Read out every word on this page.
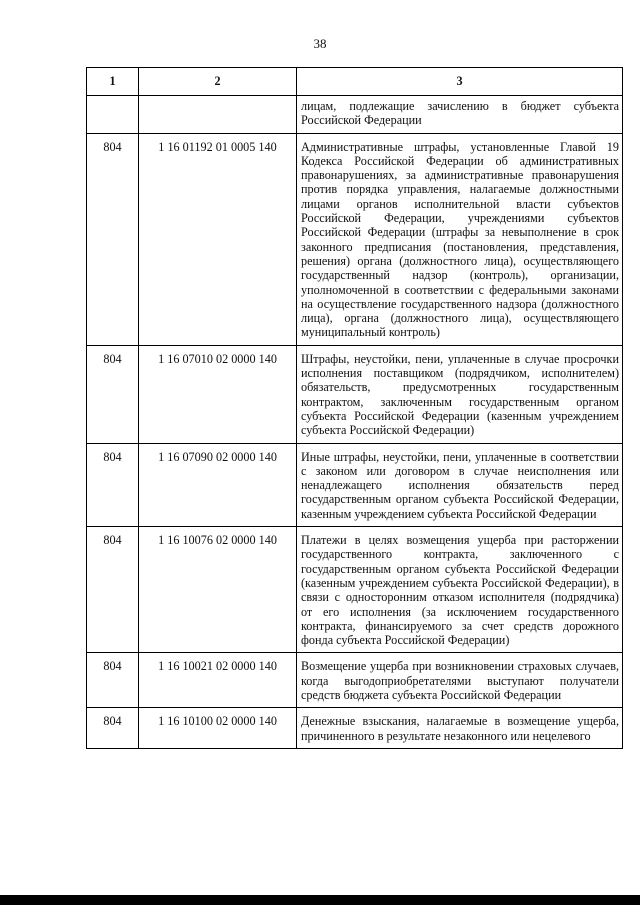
38
1	2	3
		лицам, подлежащие зачислению в бюджет субъекта Российской Федерации
804	1 16 01192 01 0005 140	Административные штрафы, установленные Главой 19 Кодекса Российской Федерации об административных правонарушениях, за административные правонарушения против порядка управления, налагаемые должностными лицами органов исполнительной власти субъектов Российской Федерации, учреждениями субъектов Российской Федерации (штрафы за невыполнение в срок законного предписания (постановления, представления, решения) органа (должностного лица), осуществляющего государственный надзор (контроль), организации, уполномоченной в соответствии с федеральными законами на осуществление государственного надзора (должностного лица), органа (должностного лица), осуществляющего муниципальный контроль)
804	1 16 07010 02 0000 140	Штрафы, неустойки, пени, уплаченные в случае просрочки исполнения поставщиком (подрядчиком, исполнителем) обязательств, предусмотренных государственным контрактом, заключенным государственным органом субъекта Российской Федерации (казенным учреждением субъекта Российской Федерации)
804	1 16 07090 02 0000 140	Иные штрафы, неустойки, пени, уплаченные в соответствии с законом или договором в случае неисполнения или ненадлежащего исполнения обязательств перед государственным органом субъекта Российской Федерации, казенным учреждением субъекта Российской Федерации
804	1 16 10076 02 0000 140	Платежи в целях возмещения ущерба при расторжении государственного контракта, заключенного с государственным органом субъекта Российской Федерации (казенным учреждением субъекта Российской Федерации), в связи с односторонним отказом исполнителя (подрядчика) от его исполнения (за исключением государственного контракта, финансируемого за счет средств дорожного фонда субъекта Российской Федерации)
804	1 16 10021 02 0000 140	Возмещение ущерба при возникновении страховых случаев, когда выгодоприобретателями выступают получатели средств бюджета субъекта Российской Федерации
804	1 16 10100 02 0000 140	Денежные взыскания, налагаемые в возмещение ущерба, причиненного в результате незаконного или нецелевого
